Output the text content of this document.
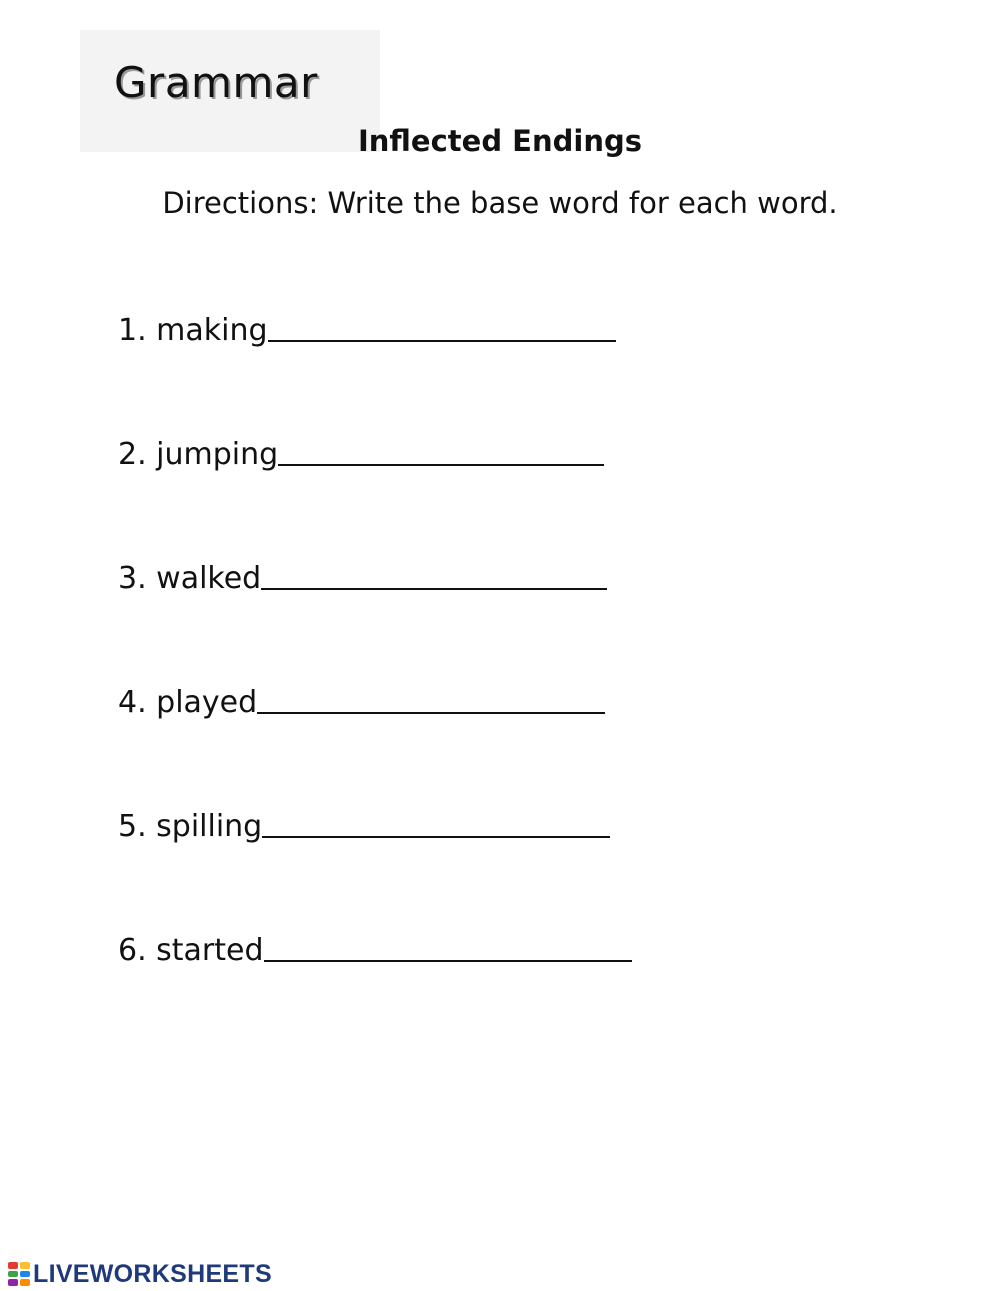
Grammar
Inflected Endings
Directions: Write the base word for each word.
1. making
2. jumping
3. walked
4. played
5. spilling
6. started
LIVEWORKSHEETS
